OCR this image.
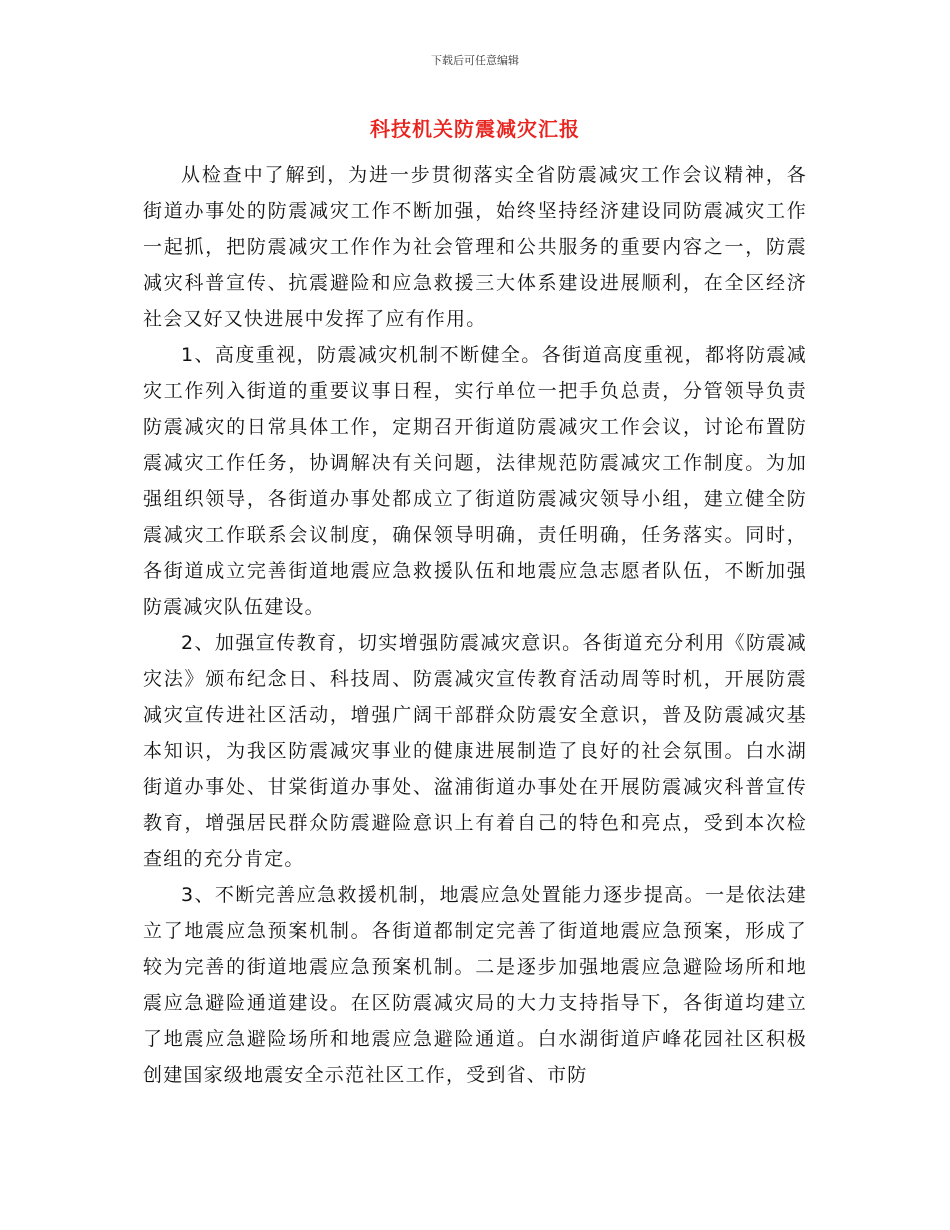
下载后可任意编辑
科技机关防震减灾汇报

从检查中了解到，为进一步贯彻落实全省防震减灾工作会议精神，各街道办事处的防震减灾工作不断加强，始终坚持经济建设同防震减灾工作一起抓，把防震减灾工作作为社会管理和公共服务的重要内容之一，防震减灾科普宣传、抗震避险和应急救援三大体系建设进展顺利，在全区经济社会又好又快进展中发挥了应有作用。

1、高度重视，防震减灾机制不断健全。各街道高度重视，都将防震减灾工作列入街道的重要议事日程，实行单位一把手负总责，分管领导负责防震减灾的日常具体工作，定期召开街道防震减灾工作会议，讨论布置防震减灾工作任务，协调解决有关问题，法律规范防震减灾工作制度。为加强组织领导，各街道办事处都成立了街道防震减灾领导小组，建立健全防震减灾工作联系会议制度，确保领导明确，责任明确，任务落实。同时，各街道成立完善街道地震应急救援队伍和地震应急志愿者队伍，不断加强防震减灾队伍建设。

2、加强宣传教育，切实增强防震减灾意识。各街道充分利用《防震减灾法》颁布纪念日、科技周、防震减灾宣传教育活动周等时机，开展防震减灾宣传进社区活动，增强广阔干部群众防震安全意识，普及防震减灾基本知识，为我区防震减灾事业的健康进展制造了良好的社会氛围。白水湖街道办事处、甘棠街道办事处、湓浦街道办事处在开展防震减灾科普宣传教育，增强居民群众防震避险意识上有着自己的特色和亮点，受到本次检查组的充分肯定。

3、不断完善应急救援机制，地震应急处置能力逐步提高。一是依法建立了地震应急预案机制。各街道都制定完善了街道地震应急预案，形成了较为完善的街道地震应急预案机制。二是逐步加强地震应急避险场所和地震应急避险通道建设。在区防震减灾局的大力支持指导下，各街道均建立了地震应急避险场所和地震应急避险通道。白水湖街道庐峰花园社区积极创建国家级地震安全示范社区工作，受到省、市防
